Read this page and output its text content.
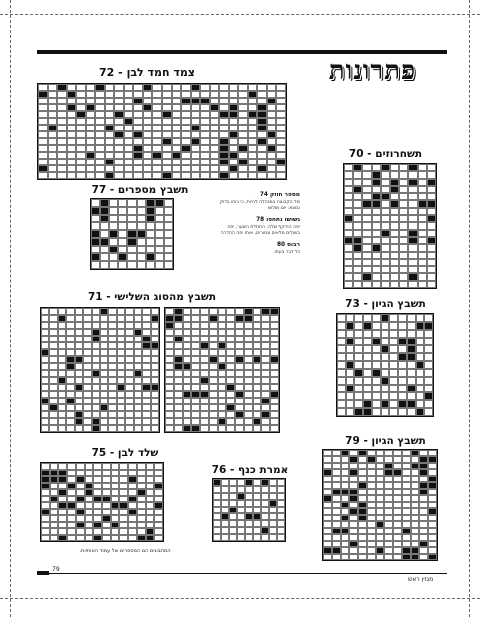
פתרונות
צמד חמד לבן - 72
תשחרוזים - 70
תשבץ מספרים - 77
תשבץ מהסוג השלישי - 71
תשבץ הגיון - 73
שלד לבן - 75
אמרת כנף - 76
תשבץ הגיון - 79
מספר חוזק 74
של הקבוצה במנהלה להיות, כי כוחו בדוק נמצא: יום ושלוש
גשושו נתחפו 78
יפה ההיקף שלה: התחלת השער, יפה בשולים מלאים וגמורים, אותו יפה ההדרה
רבוס 80
כל דבר בעתו.
המתבונים הם המספרים של עמוד האותיות.
79
מגזין ראש
